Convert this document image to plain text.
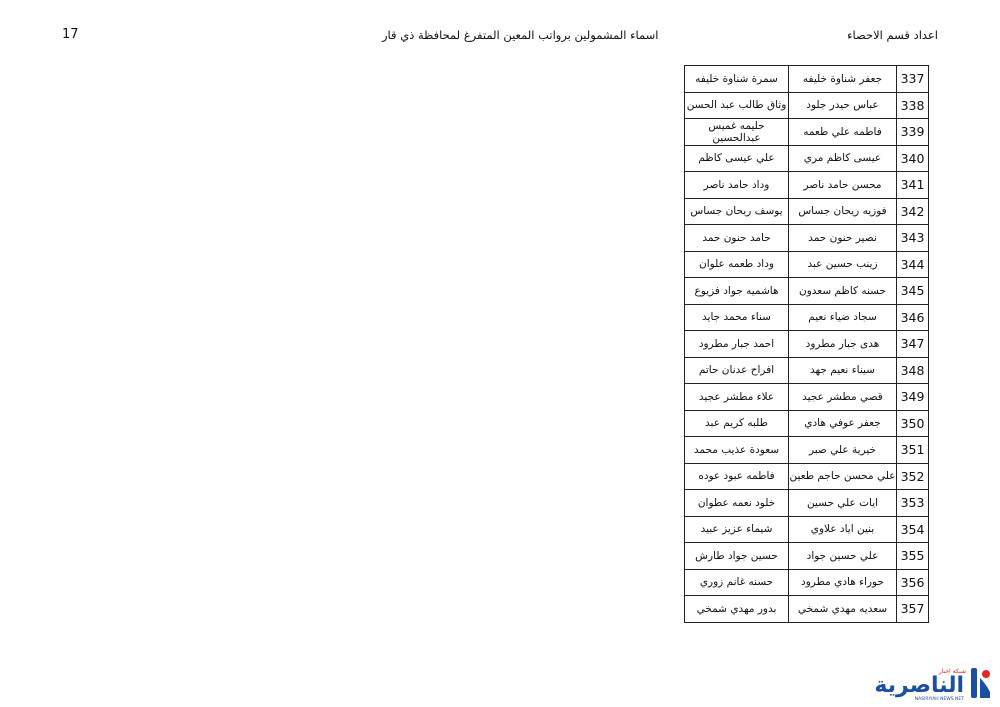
اعداد قسم الاحصاء
اسماء المشمولين برواتب المعين المتفرغ لمحافظة ذي قار
17
337	جعفر شناوة خليفه	سمرة شناوة خليفه
338	عباس حيدر جلود	وثاق طالب عبد الحسن
339	فاطمه علي طعمه	حليمه غميس عبدالحسين
340	عيسى كاظم مري	علي عيسى كاظم
341	محسن حامد ناصر	وداد حامد ناصر
342	فوزيه ريحان جساس	يوسف ريحان جساس
343	نصير حنون حمد	حامد حنون حمد
344	زينب حسين عبد	وداد طعمه علوان
345	حسنه كاظم سعدون	هاشميه جواد فزيوع
346	سجاد ضياء نعيم	سناء محمد جايد
347	هدى جبار مطرود	احمد جبار مطرود
348	سيناء نعيم جهد	افراح عدنان حاتم
349	قصي مطشر عجيد	علاء مطشر عجيد
350	جعفر عوفي هادي	طلبه كريم عبد
351	خيرية علي صبر	سعودة عذيب محمد
352	علي محسن حاجم طعين	فاطمه عبود عوده
353	ايات علي حسين	خلود نعمه عطوان
354	بنين اياد علاوي	شيماء عزيز عبيد
355	علي حسين جواد	حسين جواد طارش
356	حوراء هادي مطرود	حسنه غانم زوري
357	سعديه مهدي شمخي	بدور مهدي شمخي
الناصرية
شبكة اخبار
NASIRIYAH NEWS NET
